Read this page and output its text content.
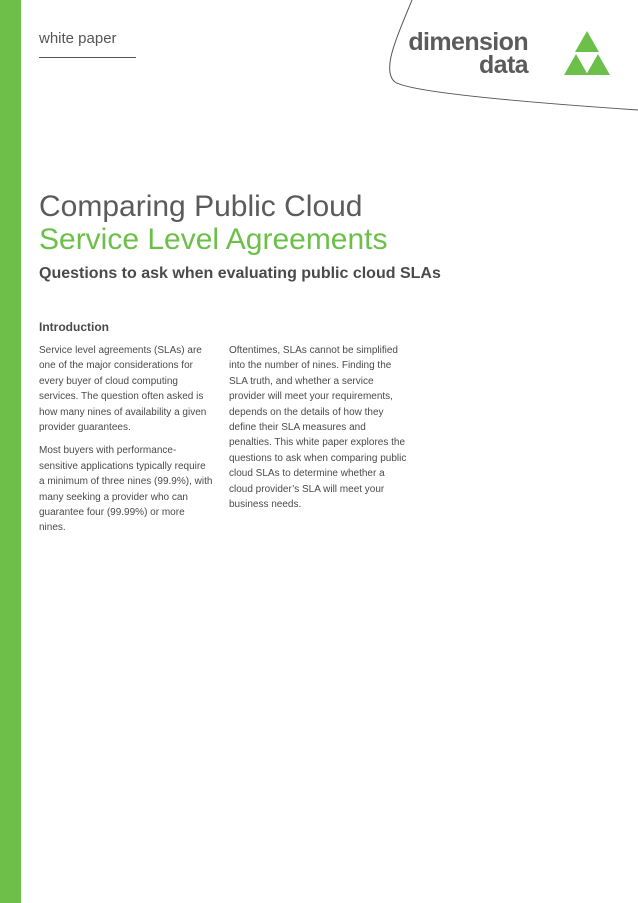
white paper	dimension
data
Comparing Public Cloud
Service Level Agreements
Questions to ask when evaluating public cloud SLAs
Introduction

Service level agreements (SLAs) are one of the major considerations for every buyer of cloud computing services. The question often asked is how many nines of availability a given provider guarantees.

Most buyers with performance-sensitive applications typically require a minimum of three nines (99.9%), with many seeking a provider who can guarantee four (99.99%) or more nines.

Oftentimes, SLAs cannot be simplified into the number of nines. Finding the SLA truth, and whether a service provider will meet your requirements, depends on the details of how they define their SLA measures and penalties. This white paper explores the questions to ask when comparing public cloud SLAs to determine whether a cloud provider’s SLA will meet your business needs.
